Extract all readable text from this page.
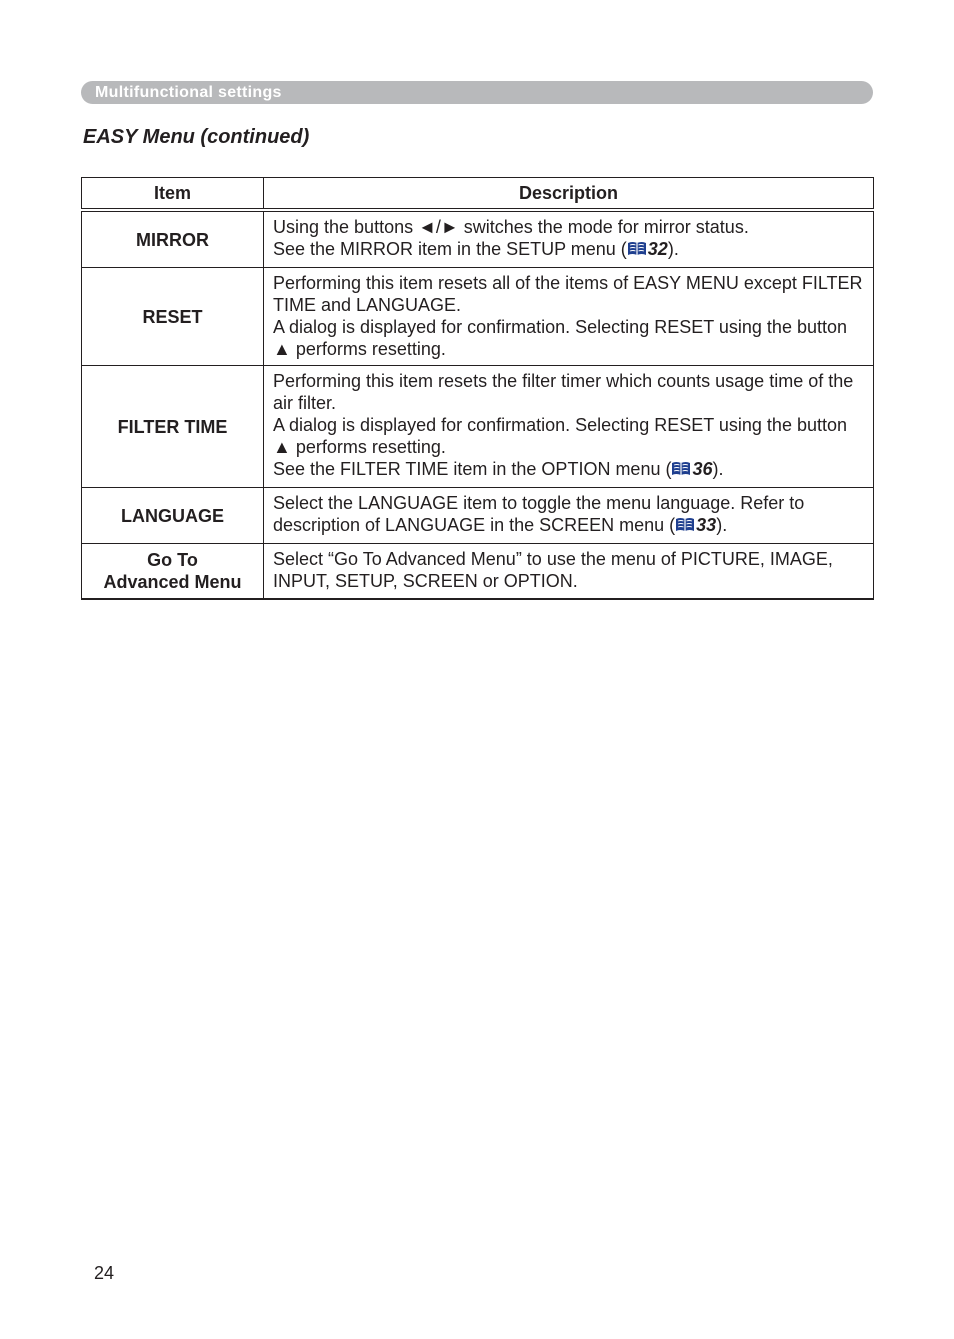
Multifunctional settings
EASY Menu (continued)
Item	Description
MIRROR	Using the buttons ◄/► switches the mode for mirror status.
See the MIRROR item in the SETUP menu ( 32).

RESET	Performing this item resets all of the items of EASY MENU except FILTER TIME and LANGUAGE.
A dialog is displayed for confirmation. Selecting RESET using the button ▲ performs resetting.

FILTER TIME	Performing this item resets the filter timer which counts usage time of the air filter.
A dialog is displayed for confirmation. Selecting RESET using the button ▲ performs resetting.
See the FILTER TIME item in the OPTION menu ( 36).

LANGUAGE	Select the LANGUAGE item to toggle the menu language. Refer to description of LANGUAGE in the SCREEN menu ( 33).

Go To
Advanced Menu	Select “Go To Advanced Menu” to use the menu of PICTURE, IMAGE, INPUT, SETUP, SCREEN or OPTION.
24
